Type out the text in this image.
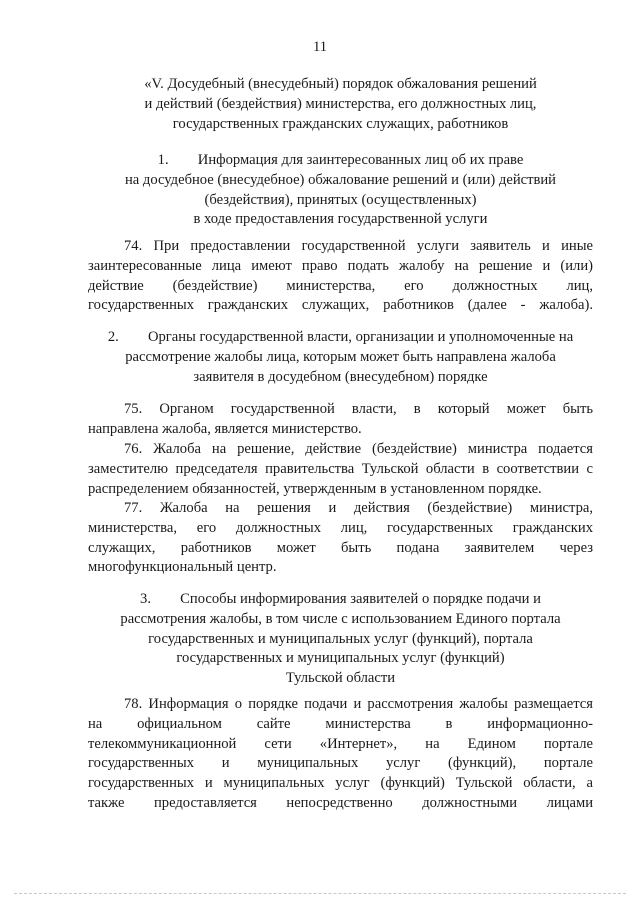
11
«V. Досудебный (внесудебный) порядок обжалования решений
и действий (бездействия) министерства, его должностных лиц,
государственных гражданских служащих, работников
1.        Информация для заинтересованных лиц об их праве
на досудебное (внесудебное) обжалование решений и (или) действий
(бездействия), принятых (осуществленных)
в ходе предоставления государственной услуги
74. При предоставлении государственной услуги заявитель и иные
заинтересованные лица имеют право подать жалобу на решение и (или)
действие (бездействие) министерства, его должностных лиц,
государственных гражданских служащих, работников (далее - жалоба).
2.        Органы государственной власти, организации и уполномоченные на
рассмотрение жалобы лица, которым может быть направлена жалоба
заявителя в досудебном (внесудебном) порядке
75. Органом государственной власти, в который может быть
направлена жалоба, является министерство.
76. Жалоба на решение, действие (бездействие) министра подается
заместителю председателя правительства Тульской области в соответствии с
распределением обязанностей, утвержденным в установленном порядке.
77. Жалоба на решения и действия (бездействие) министра,
министерства, его должностных лиц, государственных гражданских
служащих, работников может быть подана заявителем через
многофункциональный центр.
3.        Способы информирования заявителей о порядке подачи и
рассмотрения жалобы, в том числе с использованием Единого портала
государственных и муниципальных услуг (функций), портала
государственных и муниципальных услуг (функций)
Тульской области
78. Информация о порядке подачи и рассмотрения жалобы размещается
на официальном сайте министерства в информационно-
телекоммуникационной сети «Интернет», на Едином портале
государственных и муниципальных услуг (функций), портале
государственных и муниципальных услуг (функций) Тульской области, а
также предоставляется непосредственно должностными лицами
